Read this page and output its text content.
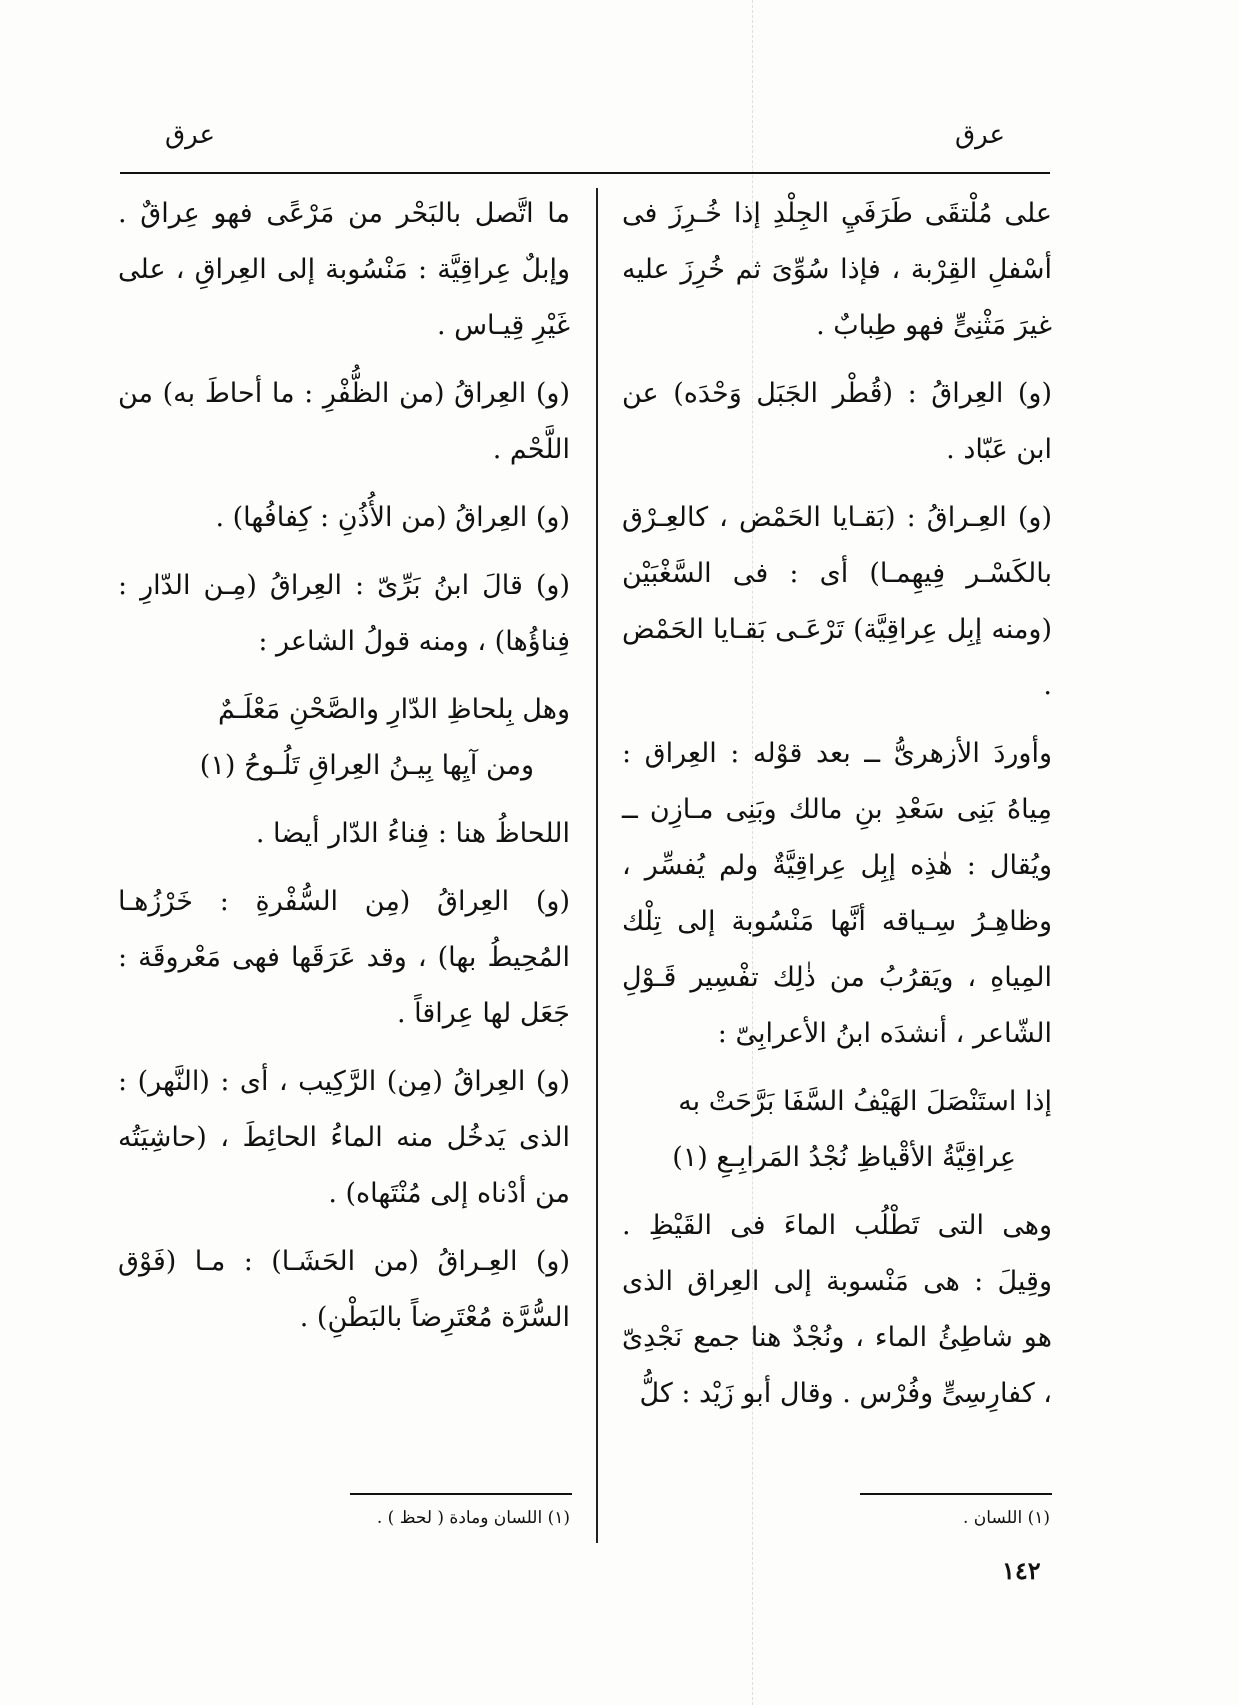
عرق
عرق

على مُلْتقَى طَرَفَيِ الجِلْدِ إذا خُـرِزَ فى أسْفلِ القِرْبة ، فإذا سُوِّىَ ثم خُرِزَ عليه غيرَ مَثْنِىٍّ فهو طِبابٌ .

(و) العِراقُ : (قُطْر الجَبَل وَحْدَه) عن ابن عَبّاد .

(و) العِـراقُ : (بَقـايا الحَمْض ، كالعِـرْق بالكَسْـر فِيهِمـا) أى : فى السَّغْبَيْن (ومنه إبِل عِراقِيَّة) تَرْعَـى بَقـايا الحَمْض .

وأوردَ الأزهرىُّ ــ بعد قوْله : العِراق : مِياهُ بَنِى سَعْدِ بنِ مالك وبَنِى مـازِن ــ ويُقال : هٰذِه إبِل عِراقِيَّةٌ ولم يُفسِّر ، وظاهِـرُ سِـياقه أنَّها مَنْسُوبة إلى تِلْك المِياهِ ، ويَقرُبُ من ذٰلِك تفْسِير قَـوْلِ الشّاعر ، أنشدَه ابنُ الأعرابِىّ :

إذا استَنْصَلَ الهَيْفُ السَّفَا بَرَّحَتْ به

عِراقِيَّةُ الأقْياظِ نُجْدُ المَرابِـعِ (١)

وهى التى تَطْلُب الماءَ فى القَيْظِ . وقِيلَ : هى مَنْسوبة إلى العِراق الذى هو شاطِئُ الماء ، ونُجْدٌ هنا جمع نَجْدِىّ ، كفارِسِىٍّ وفُرْس . وقال أبو زَيْد : كلُّ

ما اتَّصل بالبَحْر من مَرْعًى فهو عِراقٌ . وإبلٌ عِراقِيَّة : مَنْسُوبة إلى العِراقِ ، على غَيْرِ قِيـاس .

(و) العِراقُ (من الظُّفْرِ : ما أحاطَ به) من اللَّحْم .

(و) العِراقُ (من الأُذُنِ : كِفافُها) .

(و) قالَ ابنُ بَرِّىّ : العِراقُ (مِـن الدّارِ : فِناؤُها) ، ومنه قولُ الشاعر :

وهل بِلحاظِ الدّارِ والصَّحْنِ مَعْلَـمٌ

ومن آيِها بِيـنُ العِراقِ تَلُـوحُ (١)

اللحاظُ هنا : فِناءُ الدّار أيضا .

(و) العِراقُ (مِن السُّفْرةِ : خَرْزُهـا المُحِيطُ بها) ، وقد عَرَقَها فهى مَعْروقَة : جَعَل لها عِراقاً .

(و) العِراقُ (مِن) الرَّكِيب ، أى : (النَّهر) : الذى يَدخُل منه الماءُ الحائِطَ ، (حاشِيَتُه من أدْناه إلى مُنْتَهاه) .

(و) العِـراقُ (من الحَشَـا) : مـا (فَوْق السُّرَّة مُعْتَرِضاً بالبَطْنِ) .

(١) اللسان .
(١) اللسان ومادة ( لحظ ) .
١٤٢
